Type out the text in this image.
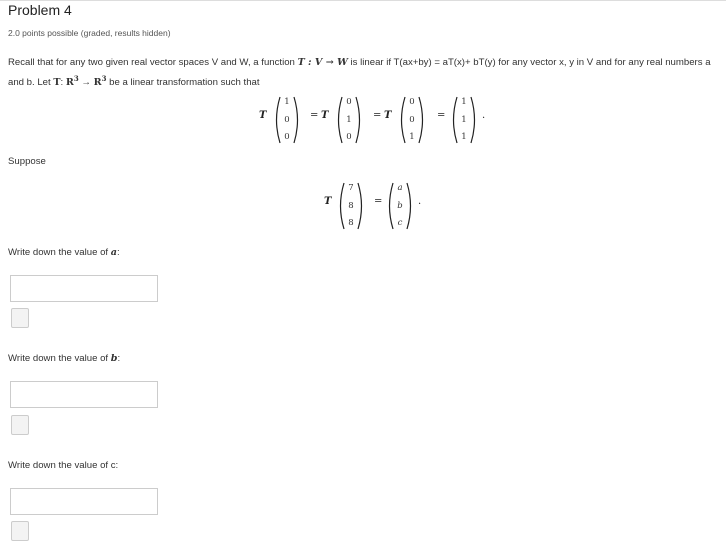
Problem 4
2.0 points possible (graded, results hidden)
Recall that for any two given real vector spaces V and W, a function T : V → W is linear if T(ax+by) = aT(x)+ bT(y) for any vector x, y in V and for any real numbers a and b. Let T: $R^3 \to R^3$ be a linear transformation such that
T
1
0
0
= T
0
1
0
= T
0
0
1
=
1
1
1
.
Suppose
T
7
8
8
=
a
b
c
.
Write down the value of a:
Write down the value of b:
Write down the value of c:
